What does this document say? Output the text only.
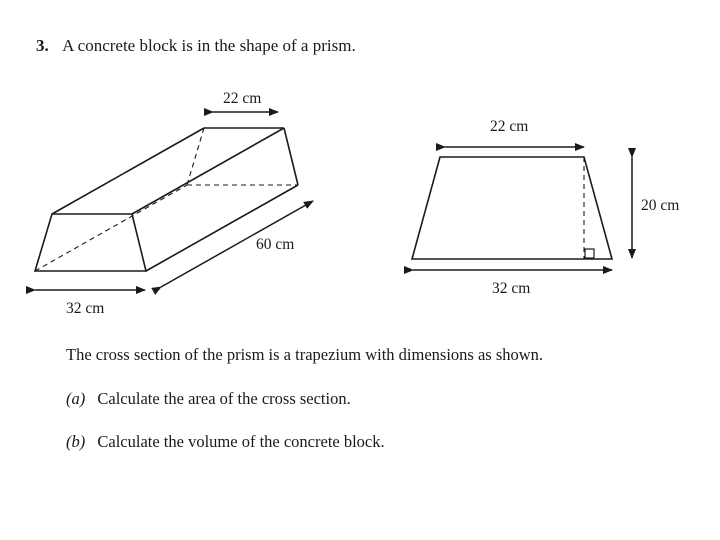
3. A concrete block is in the shape of a prism.
22 cm
60 cm
32 cm
22 cm
20 cm
32 cm
The cross section of the prism is a trapezium with dimensions as shown.
(a) Calculate the area of the cross section.
(b) Calculate the volume of the concrete block.
